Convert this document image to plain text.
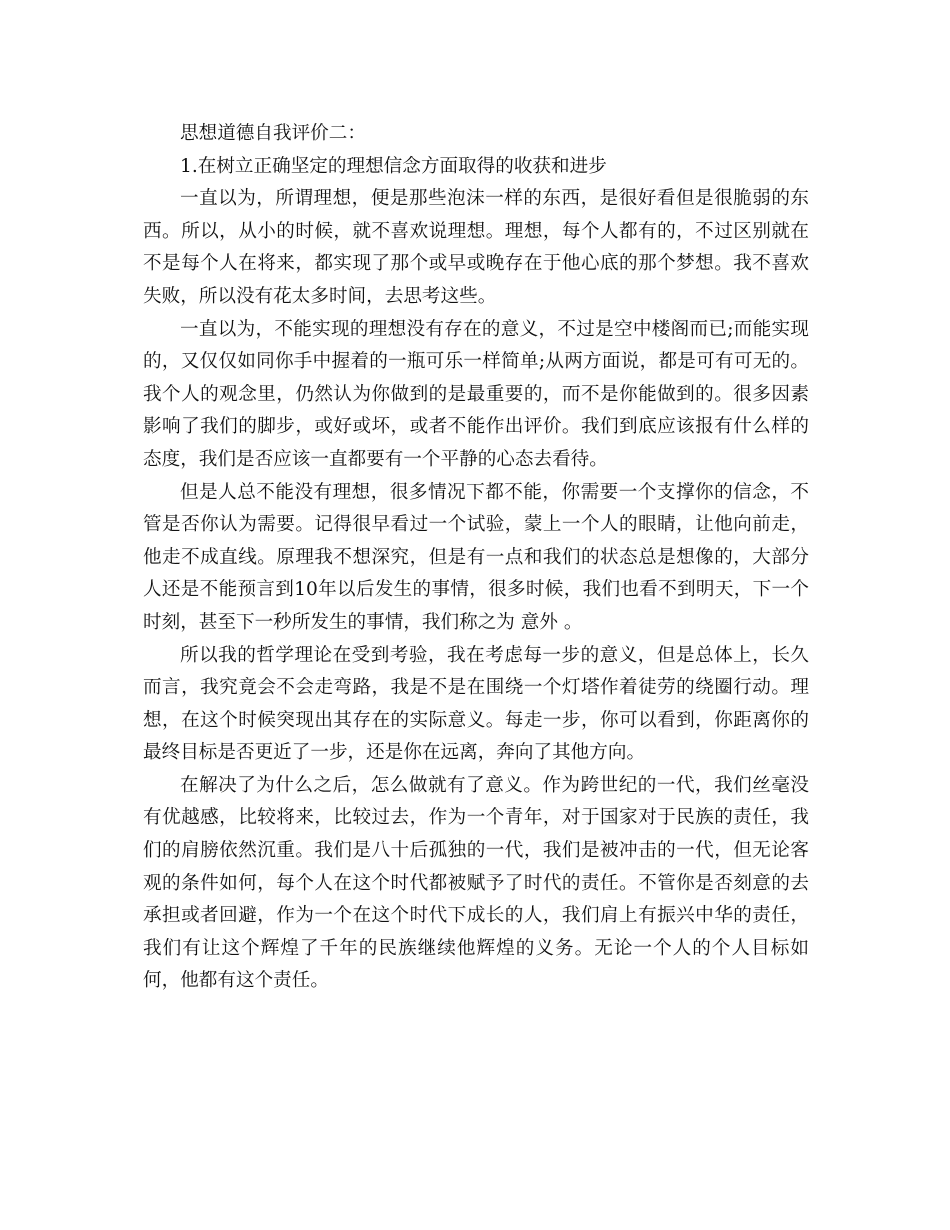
思想道德自我评价二：
1.在树立正确坚定的理想信念方面取得的收获和进步

一直以为，所谓理想，便是那些泡沫一样的东西，是很好看但是很脆弱的东西。所以，从小的时候，就不喜欢说理想。理想，每个人都有的，不过区别就在不是每个人在将来，都实现了那个或早或晚存在于他心底的那个梦想。我不喜欢失败，所以没有花太多时间，去思考这些。

一直以为，不能实现的理想没有存在的意义，不过是空中楼阁而已;而能实现的，又仅仅如同你手中握着的一瓶可乐一样简单;从两方面说，都是可有可无的。我个人的观念里，仍然认为你做到的是最重要的，而不是你能做到的。很多因素影响了我们的脚步，或好或坏，或者不能作出评价。我们到底应该报有什么样的态度，我们是否应该一直都要有一个平静的心态去看待。

但是人总不能没有理想，很多情况下都不能，你需要一个支撑你的信念，不管是否你认为需要。记得很早看过一个试验，蒙上一个人的眼睛，让他向前走，他走不成直线。原理我不想深究，但是有一点和我们的状态总是想像的，大部分人还是不能预言到10年以后发生的事情，很多时候，我们也看不到明天，下一个时刻，甚至下一秒所发生的事情，我们称之为 意外 。

所以我的哲学理论在受到考验，我在考虑每一步的意义，但是总体上，长久而言，我究竟会不会走弯路，我是不是在围绕一个灯塔作着徒劳的绕圈行动。理想，在这个时候突现出其存在的实际意义。每走一步，你可以看到，你距离你的最终目标是否更近了一步，还是你在远离，奔向了其他方向。

在解决了为什么之后，怎么做就有了意义。作为跨世纪的一代，我们丝毫没有优越感，比较将来，比较过去，作为一个青年，对于国家对于民族的责任，我们的肩膀依然沉重。我们是八十后孤独的一代，我们是被冲击的一代，但无论客观的条件如何，每个人在这个时代都被赋予了时代的责任。不管你是否刻意的去承担或者回避，作为一个在这个时代下成长的人，我们肩上有振兴中华的责任，我们有让这个辉煌了千年的民族继续他辉煌的义务。无论一个人的个人目标如何，他都有这个责任。
